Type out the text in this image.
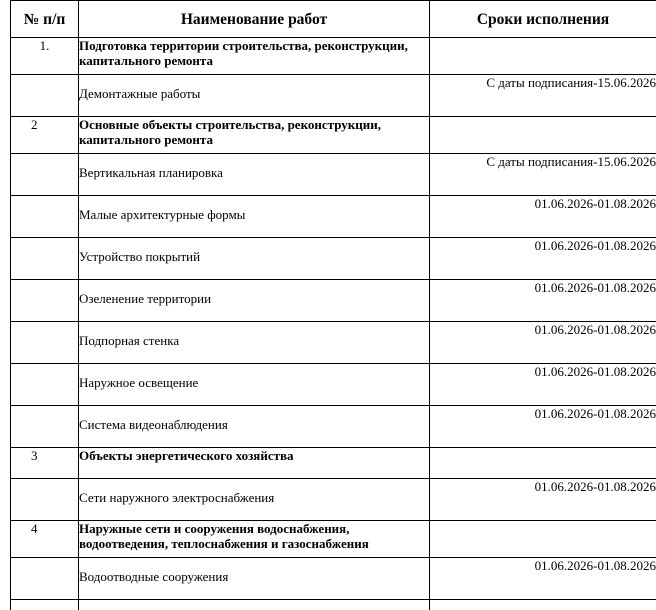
№ п/п	Наименование работ	Сроки исполнения
1.	Подготовка территории строительства, реконструкции, капитального ремонта	
	Демонтажные работы	С даты подписания-15.06.2026
2	Основные объекты строительства, реконструкции, капитального ремонта	
	Вертикальная планировка	С даты подписания-15.06.2026
	Малые архитектурные формы	01.06.2026-01.08.2026
	Устройство покрытий	01.06.2026-01.08.2026
	Озеленение территории	01.06.2026-01.08.2026
	Подпорная стенка	01.06.2026-01.08.2026
	Наружное освещение	01.06.2026-01.08.2026
	Система видеонаблюдения	01.06.2026-01.08.2026
3	Объекты энергетического хозяйства	
	Сети наружного электроснабжения	01.06.2026-01.08.2026
4	Наружные сети и сооружения водоснабжения, водоотведения, теплоснабжения и газоснабжения	
	Водоотводные сооружения	01.06.2026-01.08.2026
